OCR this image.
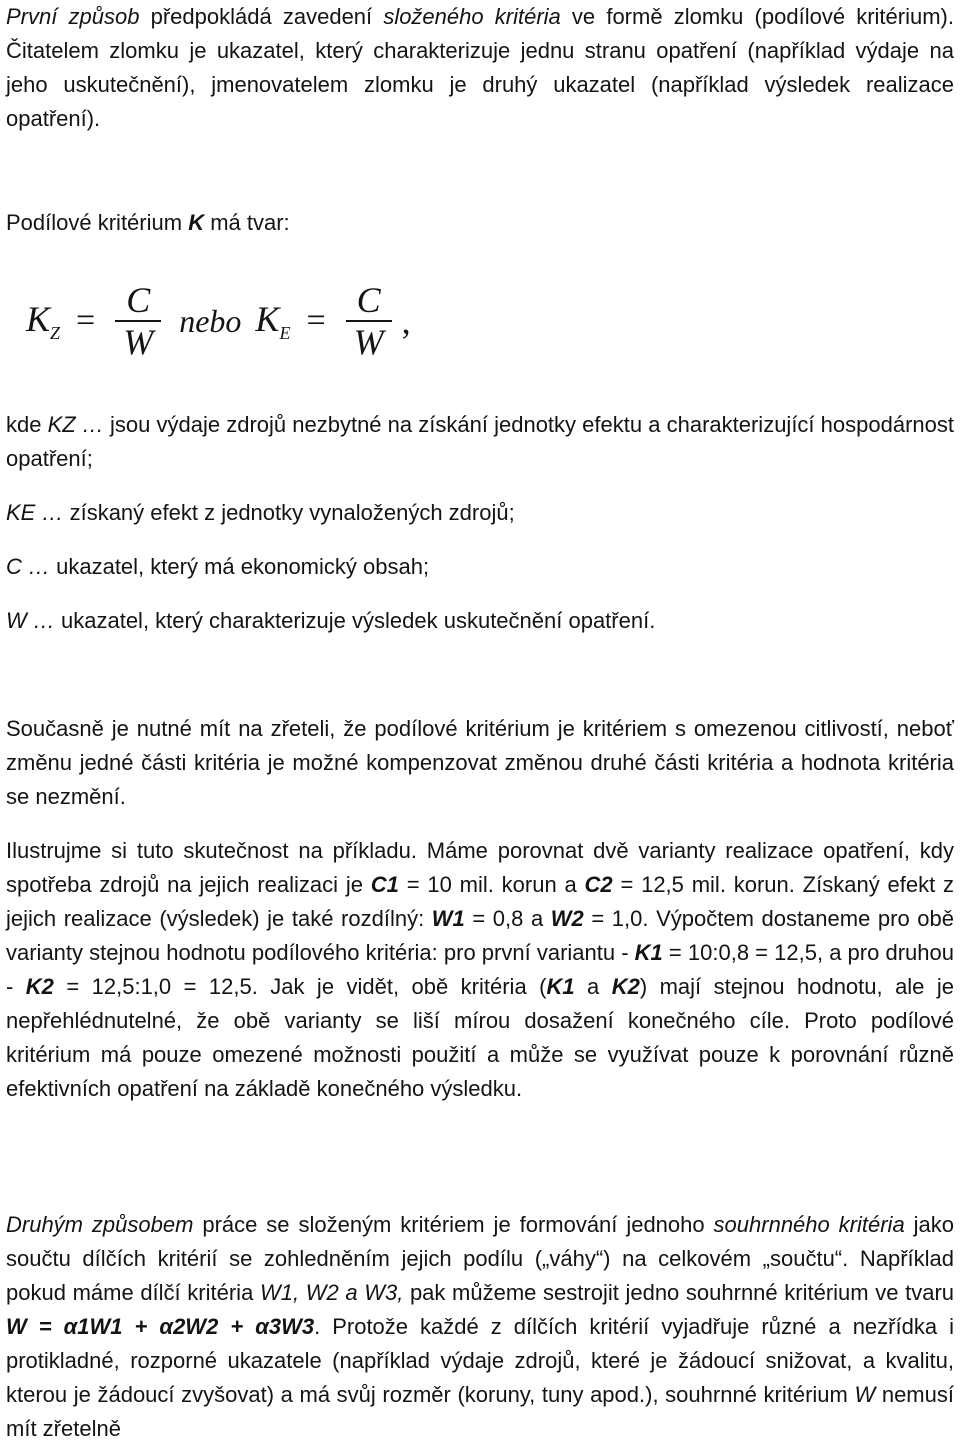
První způsob předpokládá zavedení složeného kritéria ve formě zlomku (podílové kritérium). Čitatelem zlomku je ukazatel, který charakterizuje jednu stranu opatření (například výdaje na jeho uskutečnění), jmenovatelem zlomku je druhý ukazatel (například výsledek realizace opatření).

Podílové kritérium K má tvar:

$K_Z = \frac{C}{W}$ nebo $K_E = \frac{C}{W}$ ,

kde KZ … jsou výdaje zdrojů nezbytné na získání jednotky efektu a charakterizující hospodárnost opatření;

KE … získaný efekt z jednotky vynaložených zdrojů;

C … ukazatel, který má ekonomický obsah;

W … ukazatel, který charakterizuje výsledek uskutečnění opatření.

Současně je nutné mít na zřeteli, že podílové kritérium je kritériem s omezenou citlivostí, neboť změnu jedné části kritéria je možné kompenzovat změnou druhé části kritéria a hodnota kritéria se nezmění.

Ilustrujme si tuto skutečnost na příkladu. Máme porovnat dvě varianty realizace opatření, kdy spotřeba zdrojů na jejich realizaci je C1 = 10 mil. korun a C2 = 12,5 mil. korun. Získaný efekt z jejich realizace (výsledek) je také rozdílný: W1 = 0,8 a W2 = 1,0. Výpočtem dostaneme pro obě varianty stejnou hodnotu podílového kritéria: pro první variantu - K1 = 10:0,8 = 12,5, a pro druhou - K2 = 12,5:1,0 = 12,5. Jak je vidět, obě kritéria (K1 a K2) mají stejnou hodnotu, ale je nepřehlédnutelné, že obě varianty se liší mírou dosažení konečného cíle. Proto podílové kritérium má pouze omezené možnosti použití a může se využívat pouze k porovnání různě efektivních opatření na základě konečného výsledku.

Druhým způsobem práce se složeným kritériem je formování jednoho souhrnného kritéria jako součtu dílčích kritérií se zohledněním jejich podílu („váhy“) na celkovém „součtu“. Například pokud máme dílčí kritéria W1, W2 a W3, pak můžeme sestrojit jedno souhrnné kritérium ve tvaru W = α1W1 + α2W2 + α3W3. Protože každé z dílčích kritérií vyjadřuje různé a nezřídka i protikladné, rozporné ukazatele (například výdaje zdrojů, které je žádoucí snižovat, a kvalitu, kterou je žádoucí zvyšovat) a má svůj rozměr (koruny, tuny apod.), souhrnné kritérium W nemusí mít zřetelně
